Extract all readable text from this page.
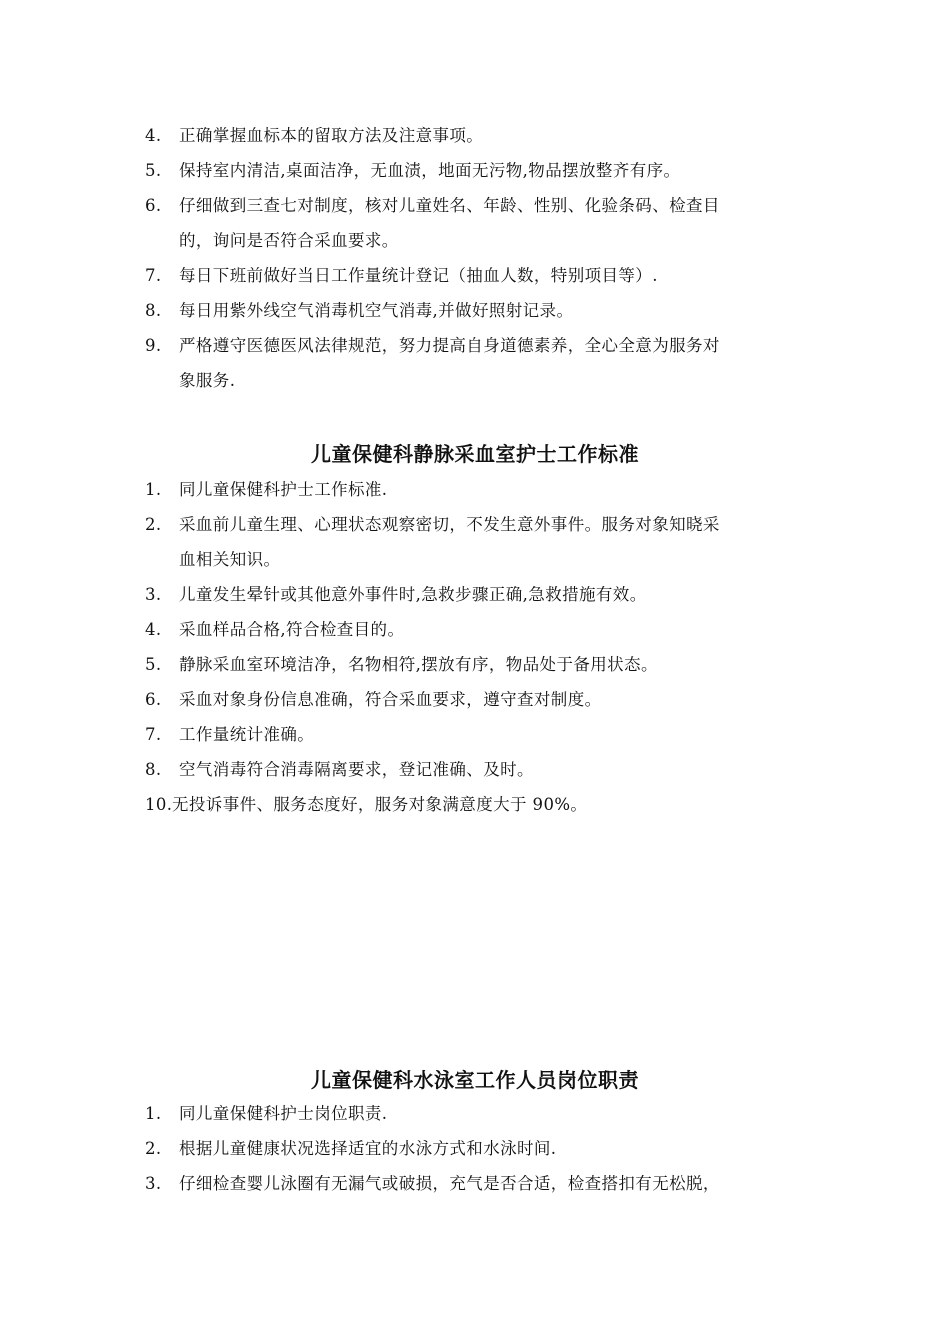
4. 正确掌握血标本的留取方法及注意事项。
5. 保持室内清洁,桌面洁净，无血渍，地面无污物,物品摆放整齐有序。
6. 仔细做到三查七对制度，核对儿童姓名、年龄、性别、化验条码、检查目
的，询问是否符合采血要求。
7. 每日下班前做好当日工作量统计登记（抽血人数，特别项目等）.
8. 每日用紫外线空气消毒机空气消毒,并做好照射记录。
9. 严格遵守医德医风法律规范，努力提高自身道德素养，全心全意为服务对
象服务.
儿童保健科静脉采血室护士工作标准
1. 同儿童保健科护士工作标准.
2. 采血前儿童生理、心理状态观察密切，不发生意外事件。服务对象知晓采
血相关知识。
3. 儿童发生晕针或其他意外事件时,急救步骤正确,急救措施有效。
4. 采血样品合格,符合检查目的。
5. 静脉采血室环境洁净，名物相符,摆放有序，物品处于备用状态。
6. 采血对象身份信息准确，符合采血要求，遵守查对制度。
7. 工作量统计准确。
8. 空气消毒符合消毒隔离要求，登记准确、及时。
10. 无投诉事件、服务态度好，服务对象满意度大于 90%。
儿童保健科水泳室工作人员岗位职责
1. 同儿童保健科护士岗位职责.
2. 根据儿童健康状况选择适宜的水泳方式和水泳时间.
3. 仔细检查婴儿泳圈有无漏气或破损，充气是否合适，检查搭扣有无松脱，
